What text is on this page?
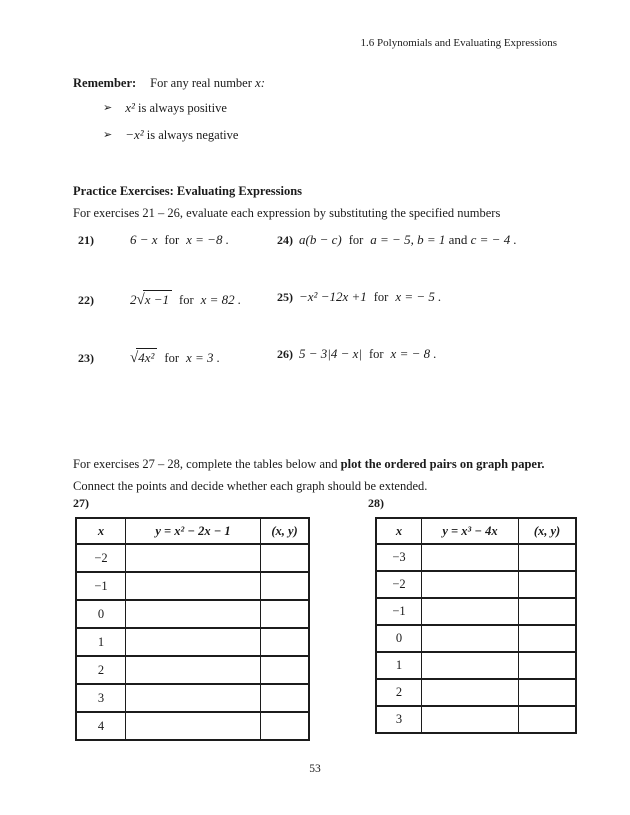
1.6 Polynomials and Evaluating Expressions
Remember: For any real number x:
➢ x² is always positive
➢ −x² is always negative
Practice Exercises: Evaluating Expressions
For exercises 21 – 26, evaluate each expression by substituting the specified numbers
21)	6 − x for x = −8 .	24) a(b − c) for a = − 5, b = 1 and c = − 4 .
22)	2√x −1 for x = 82 .	25) −x² −12x +1 for x = − 5 .
23) √4x² for x = 3 .	26) 5 − 3|4 − x| for x = − 8 .
For exercises 27 – 28, complete the tables below and plot the ordered pairs on graph paper.
Connect the points and decide whether each graph should be extended.
27)	28)
x	y = x² − 2x − 1	(x, y)
−2		
−1		
0		
1		
2		
3		
4		
x	y = x³ − 4x	(x, y)
−3		
−2		
−1		
0		
1		
2		
3		
53
